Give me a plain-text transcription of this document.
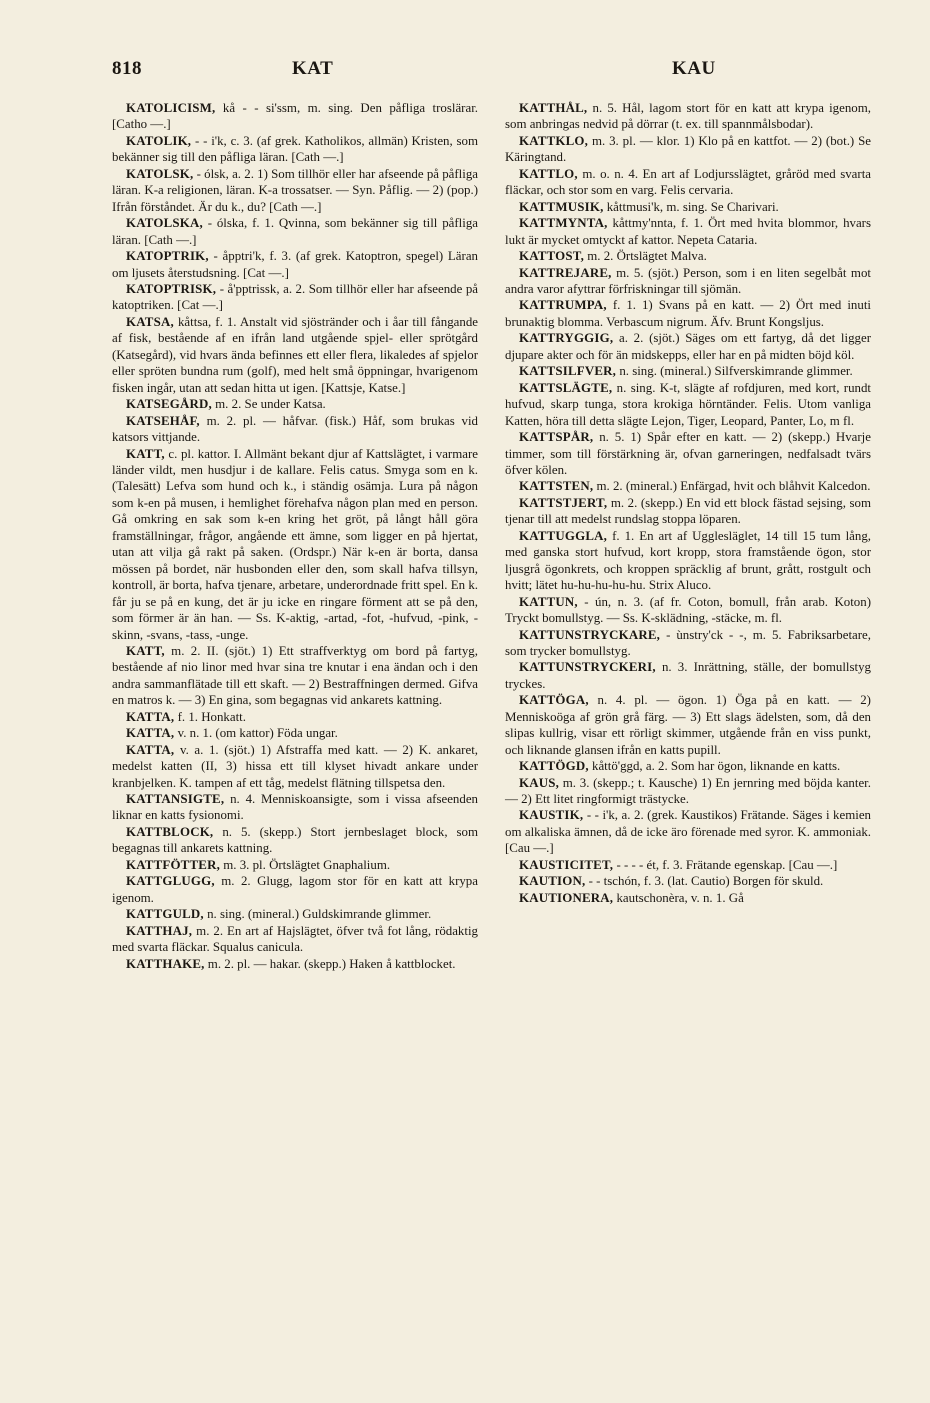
818	KAT	KAU

KATOLICISM, kå - - si'ssm, m. sing. Den påfliga troslärar. [Catho —.]

KATOLIK, - - i'k, c. 3. (af grek. Katholikos, allmän) Kristen, som bekänner sig till den påfliga läran. [Cath —.]

KATOLSK, - ólsk, a. 2. 1) Som tillhör eller har afseende på påfliga läran. K-a religionen, läran. K-a trossatser. — Syn. Påflig. — 2) (pop.) Ifrån förståndet. Är du k., du? [Cath —.]

KATOLSKA, - ólska, f. 1. Qvinna, som bekänner sig till påfliga läran. [Cath —.]

KATOPTRIK, - åpptri'k, f. 3. (af grek. Katoptron, spegel) Läran om ljusets återstudsning. [Cat —.]

KATOPTRISK, - å'pptrissk, a. 2. Som tillhör eller har afseende på katoptriken. [Cat —.]

KATSA, kåttsa, f. 1. Anstalt vid sjöstränder och i åar till fångande af fisk, bestående af en ifrån land utgående spjel- eller sprötgård (Katsegård), vid hvars ända befinnes ett eller flera, likaledes af spjelor eller spröten bundna rum (golf), med helt små öppningar, hvarigenom fisken ingår, utan att sedan hitta ut igen. [Kattsje, Katse.]

KATSEGÅRD, m. 2. Se under Katsa.

KATSEHÅF, m. 2. pl. — håfvar. (fisk.) Håf, som brukas vid katsors vittjande.

KATT, c. pl. kattor. I. Allmänt bekant djur af Kattslägtet, i varmare länder vildt, men husdjur i de kallare. Felis catus. Smyga som en k. (Talesätt) Lefva som hund och k., i ständig osämja. Lura på någon som k-en på musen, i hemlighet förehafva någon plan med en person. Gå omkring en sak som k-en kring het gröt, på långt håll göra framställningar, frågor, angående ett ämne, som ligger en på hjertat, utan att vilja gå rakt på saken. (Ordspr.) När k-en är borta, dansa mössen på bordet, när husbonden eller den, som skall hafva tillsyn, kontroll, är borta, hafva tjenare, arbetare, underordnade fritt spel. En k. får ju se på en kung, det är ju icke en ringare förment att se på den, som förmer är än han. — Ss. K-aktig, -artad, -fot, -hufvud, -pink, -skinn, -svans, -tass, -unge.

KATT, m. 2. II. (sjöt.) 1) Ett straffverktyg om bord på fartyg, bestående af nio linor med hvar sina tre knutar i ena ändan och i den andra sammanflätade till ett skaft. — 2) Bestraffningen dermed. Gifva en matros k. — 3) En gina, som begagnas vid ankarets kattning.

KATTA, f. 1. Honkatt.

KATTA, v. n. 1. (om kattor) Föda ungar.

KATTA, v. a. 1. (sjöt.) 1) Afstraffa med katt. — 2) K. ankaret, medelst katten (II, 3) hissa ett till klyset hivadt ankare under kranbjelken. K. tampen af ett tåg, medelst flätning tillspetsa den.

KATTANSIGTE, n. 4. Menniskoansigte, som i vissa afseenden liknar en katts fysionomi.

KATTBLOCK, n. 5. (skepp.) Stort jernbeslaget block, som begagnas till ankarets kattning.

KATTFÖTTER, m. 3. pl. Örtslägtet Gnaphalium.

KATTGLUGG, m. 2. Glugg, lagom stor för en katt att krypa igenom.

KATTGULD, n. sing. (mineral.) Guldskimrande glimmer.

KATTHAJ, m. 2. En art af Hajslägtet, öfver två fot lång, rödaktig med svarta fläckar. Squalus canicula.

KATTHAKE, m. 2. pl. — hakar. (skepp.) Haken å kattblocket.

KATTHÅL, n. 5. Hål, lagom stort för en katt att krypa igenom, som anbringas nedvid på dörrar (t. ex. till spannmålsbodar).

KATTKLO, m. 3. pl. — klor. 1) Klo på en kattfot. — 2) (bot.) Se Käringtand.

KATTLO, m. o. n. 4. En art af Lodjursslägtet, gråröd med svarta fläckar, och stor som en varg. Felis cervaria.

KATTMUSIK, kåttmusi'k, m. sing. Se Charivari.

KATTMYNTA, kåttmy'nnta, f. 1. Ört med hvita blommor, hvars lukt är mycket omtyckt af kattor. Nepeta Cataria.

KATTOST, m. 2. Örtslägtet Malva.

KATTREJARE, m. 5. (sjöt.) Person, som i en liten segelbåt mot andra varor afyttrar förfriskningar till sjömän.

KATTRUMPA, f. 1. 1) Svans på en katt. — 2) Ört med inuti brunaktig blomma. Verbascum nigrum. Äfv. Brunt Kongsljus.

KATTRYGGIG, a. 2. (sjöt.) Säges om ett fartyg, då det ligger djupare akter och för än midskepps, eller har en på midten böjd köl.

KATTSILFVER, n. sing. (mineral.) Silfverskimrande glimmer.

KATTSLÄGTE, n. sing. K-t, slägte af rofdjuren, med kort, rundt hufvud, skarp tunga, stora krokiga hörntänder. Felis. Utom vanliga Katten, höra till detta slägte Lejon, Tiger, Leopard, Panter, Lo, m fl.

KATTSPÅR, n. 5. 1) Spår efter en katt. — 2) (skepp.) Hvarje timmer, som till förstärkning är, ofvan garneringen, nedfalsadt tvärs öfver kölen.

KATTSTEN, m. 2. (mineral.) Enfärgad, hvit och blåhvit Kalcedon.

KATTSTJERT, m. 2. (skepp.) En vid ett block fästad sejsing, som tjenar till att medelst rundslag stoppa löparen.

KATTUGGLA, f. 1. En art af Ugglesläglet, 14 till 15 tum lång, med ganska stort hufvud, kort kropp, stora framstående ögon, stor ljusgrå ögonkrets, och kroppen spräcklig af brunt, grått, rostgult och hvitt; lätet hu-hu-hu-hu-hu. Strix Aluco.

KATTUN, - ún, n. 3. (af fr. Coton, bomull, från arab. Koton) Tryckt bomullstyg. — Ss. K-sklädning, -stäcke, m. fl.

KATTUNSTRYCKARE, - ùnstry'ck - -, m. 5. Fabriksarbetare, som trycker bomullstyg.

KATTUNSTRYCKERI, n. 3. Inrättning, ställe, der bomullstyg tryckes.

KATTÖGA, n. 4. pl. — ögon. 1) Öga på en katt. — 2) Menniskoöga af grön grå färg. — 3) Ett slags ädelsten, som, då den slipas kullrig, visar ett rörligt skimmer, utgående från en viss punkt, och liknande glansen ifrån en katts pupill.

KATTÖGD, kåttö'ggd, a. 2. Som har ögon, liknande en katts.

KAUS, m. 3. (skepp.; t. Kausche) 1) En jernring med böjda kanter. — 2) Ett litet ringformigt trästycke.

KAUSTIK, - - i'k, a. 2. (grek. Kaustikos) Frätande. Säges i kemien om alkaliska ämnen, då de icke äro förenade med syror. K. ammoniak. [Cau —.]

KAUSTICITET, - - - - ét, f. 3. Frätande egenskap. [Cau —.]

KAUTION, - - tschón, f. 3. (lat. Cautio) Borgen för skuld.

KAUTIONERA, kautschonèra, v. n. 1. Gå
